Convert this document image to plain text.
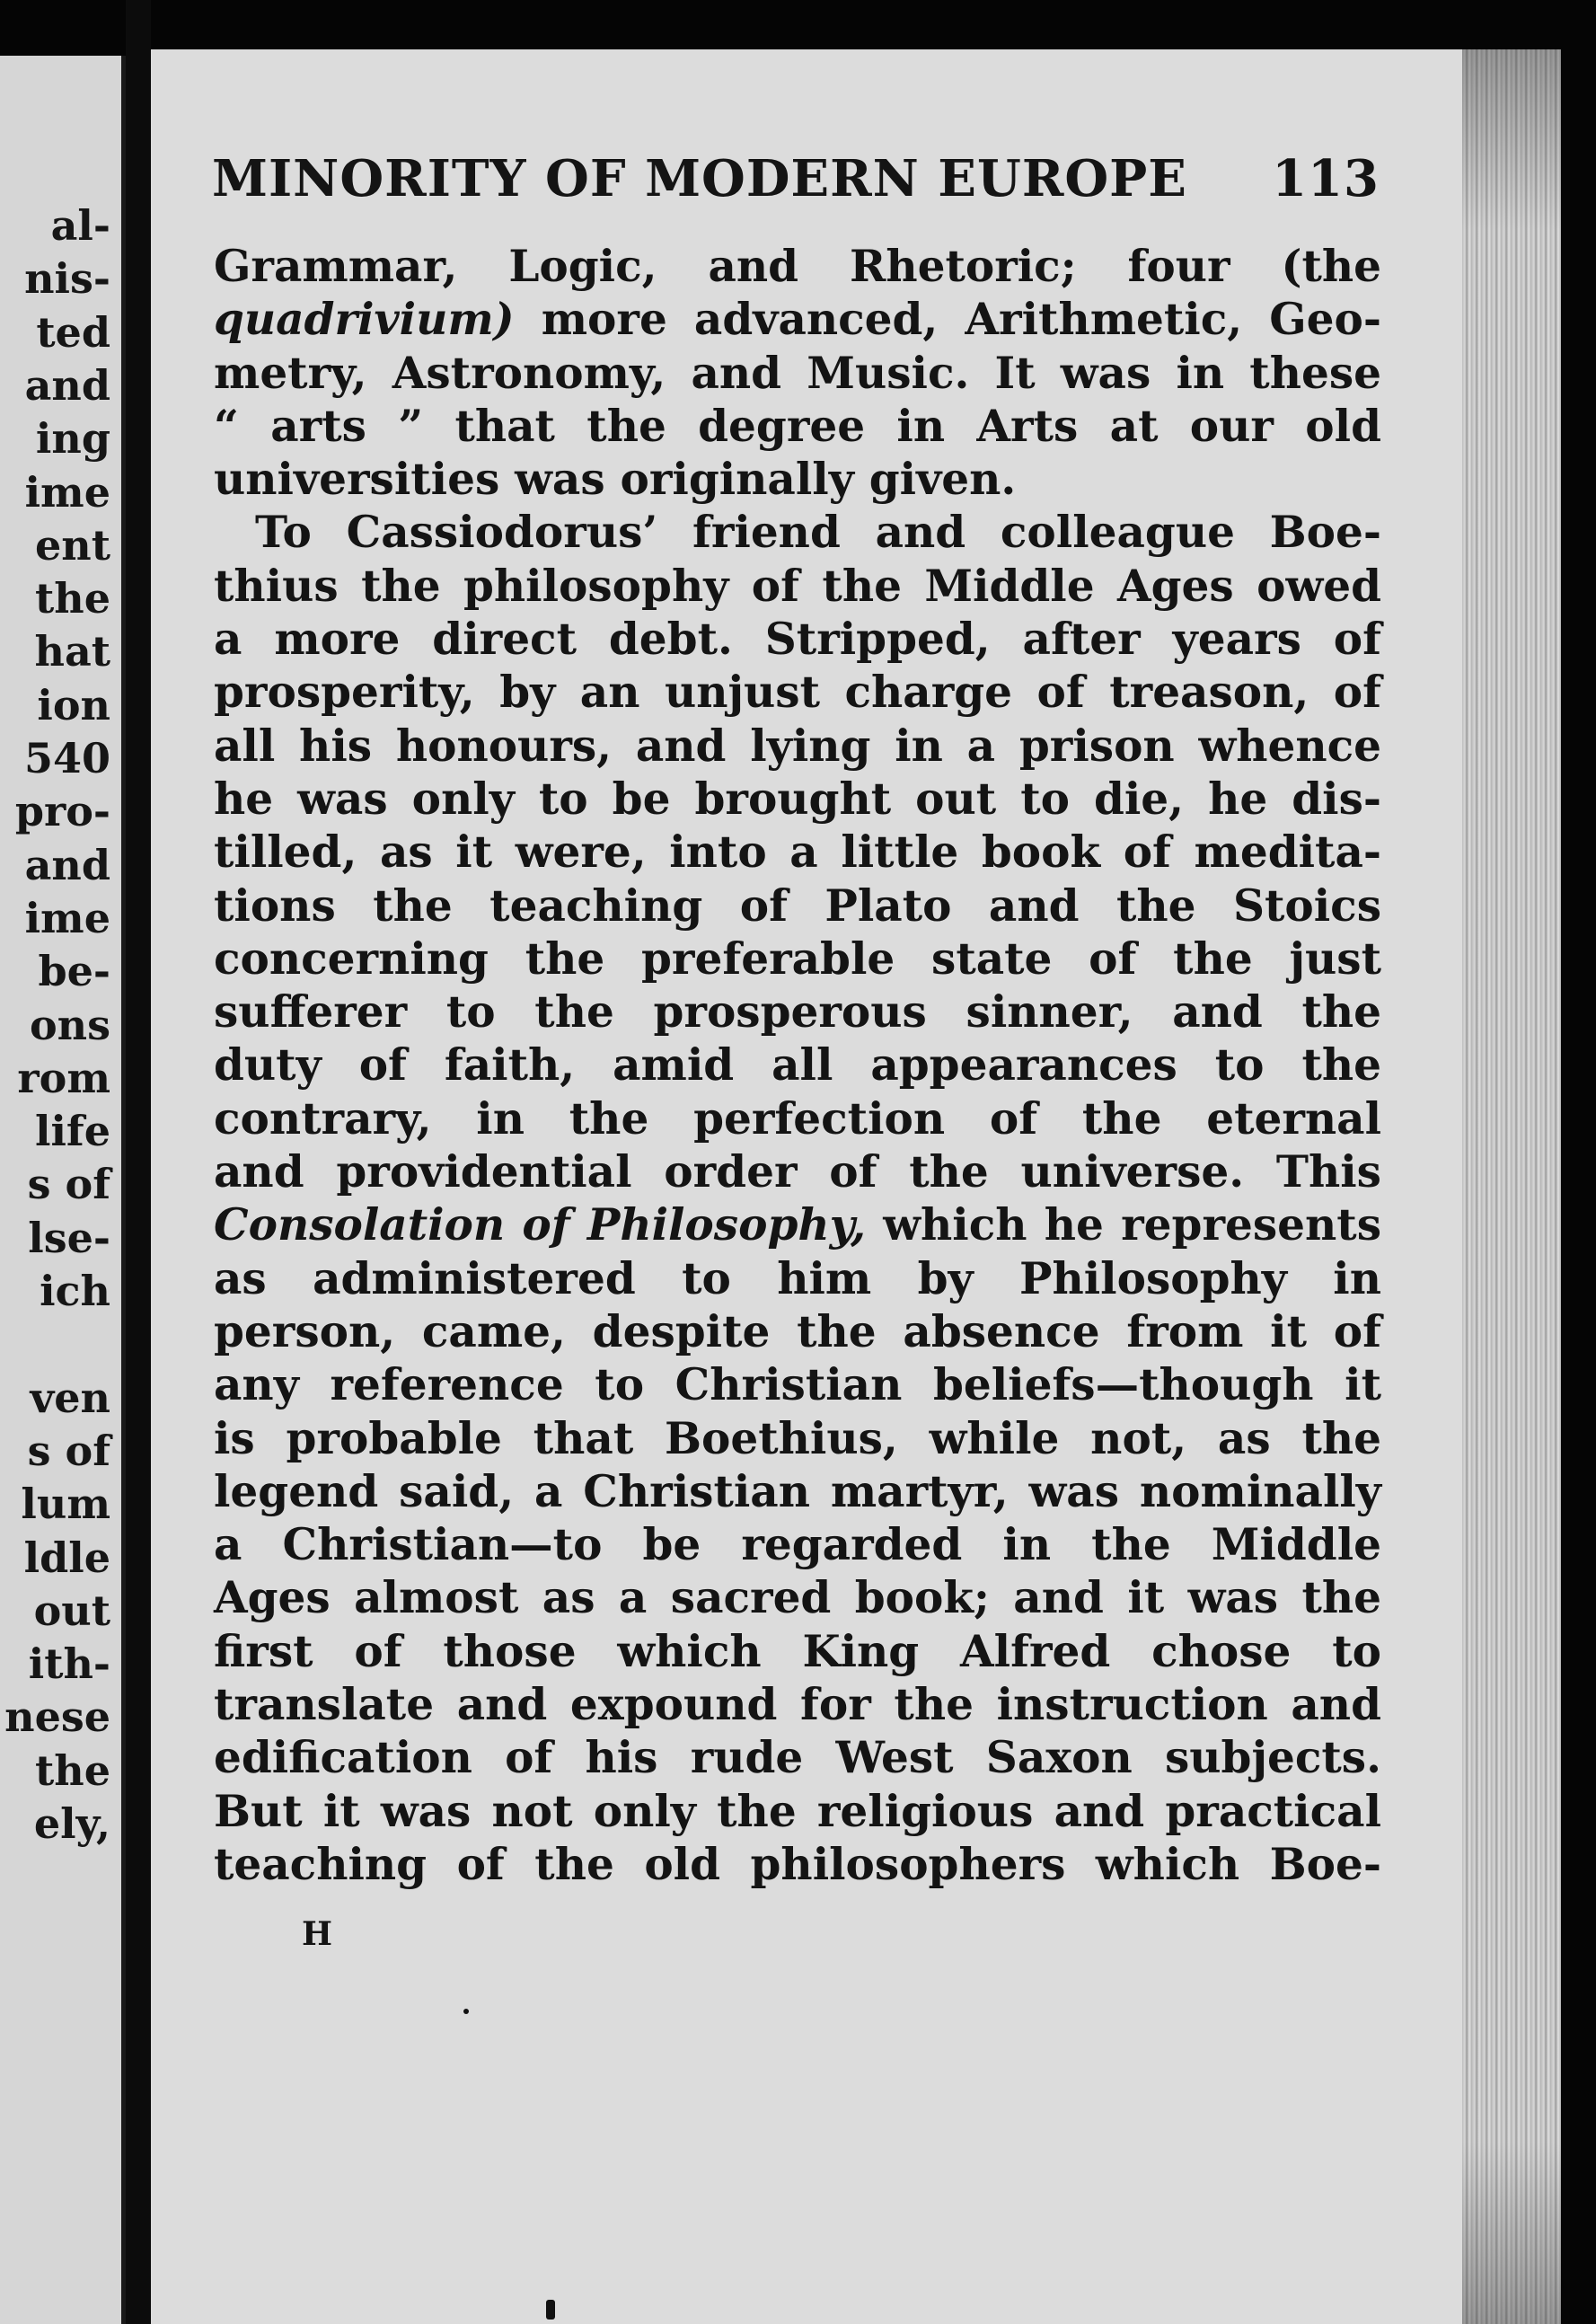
al-
nis-
ted
and
ing
ime
ent
the
hat
ion
540
pro-
and
ime
be-
ons
rom
life
s of
lse-
ich
ven
s of
lum
ldle
out
ith-
nese
the
ely,
MINORITY OF MODERN EUROPE 113
Grammar, Logic, and Rhetoric; four (the
quadrivium) more advanced, Arithmetic, Geo-
metry, Astronomy, and Music. It was in these
“ arts ” that the degree in Arts at our old
universities was originally given.
To Cassiodorus’ friend and colleague Boe-
thius the philosophy of the Middle Ages owed
a more direct debt. Stripped, after years of
prosperity, by an unjust charge of treason, of
all his honours, and lying in a prison whence
he was only to be brought out to die, he dis-
tilled, as it were, into a little book of medita-
tions the teaching of Plato and the Stoics
concerning the preferable state of the just
sufferer to the prosperous sinner, and the
duty of faith, amid all appearances to the
contrary, in the perfection of the eternal
and providential order of the universe. This
Consolation of Philosophy, which he represents
as administered to him by Philosophy in
person, came, despite the absence from it of
any reference to Christian beliefs—though it
is probable that Boethius, while not, as the
legend said, a Christian martyr, was nominally
a Christian—to be regarded in the Middle
Ages almost as a sacred book; and it was the
first of those which King Alfred chose to
translate and expound for the instruction and
edification of his rude West Saxon subjects.
But it was not only the religious and practical
teaching of the old philosophers which Boe-
H
